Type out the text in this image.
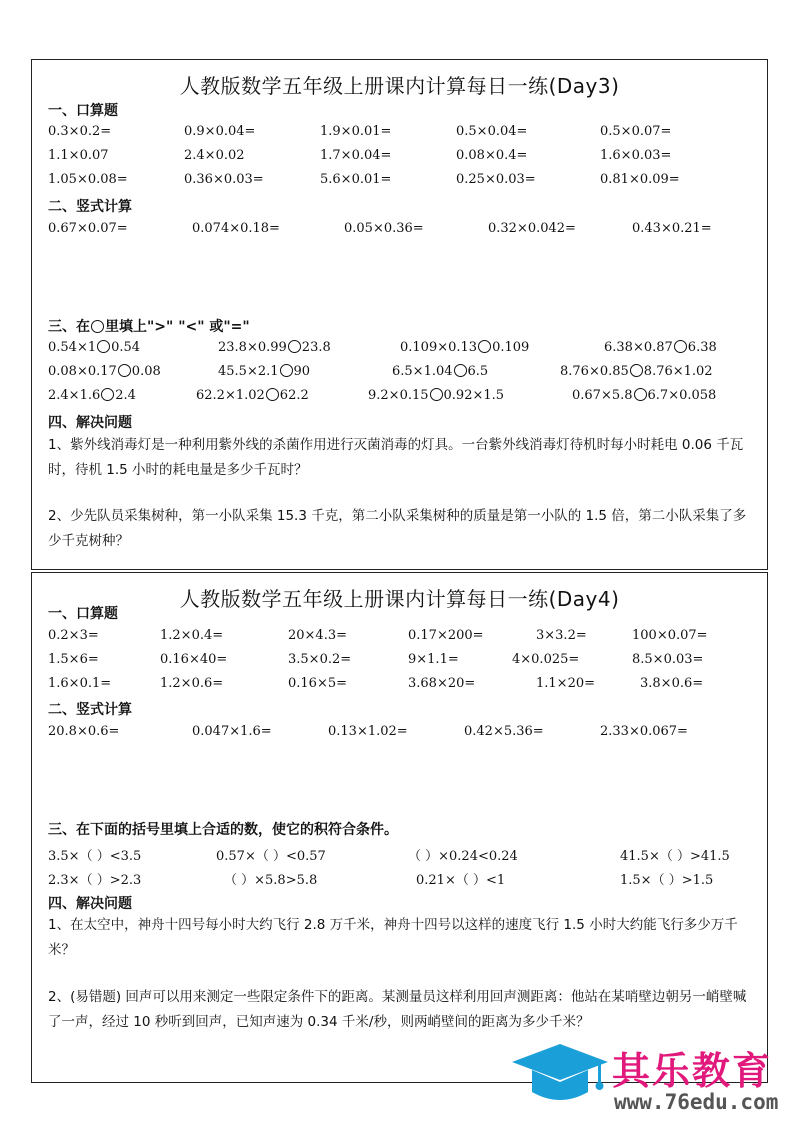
人教版数学五年级上册课内计算每日一练(Day3)
一、口算题
0.3×0.2=	0.9×0.04=	1.9×0.01=	0.5×0.04=	0.5×0.07=
1.1×0.07	2.4×0.02	1.7×0.04=	0.08×0.4=	1.6×0.03=
1.05×0.08=	0.36×0.03=	5.6×0.01=	0.25×0.03=	0.81×0.09=
二、竖式计算
0.67×0.07=	0.074×0.18=	0.05×0.36=	0.32×0.042=	0.43×0.21=
三、在 里填上">" "<" 或"="
0.54×1 0.54	23.8×0.99 23.8	0.109×0.13 0.109	6.38×0.87 6.38
0.08×0.17 0.08	45.5×2.1 90	6.5×1.04 6.5	8.76×0.85 8.76×1.02
2.4×1.6 2.4	62.2×1.02 62.2	9.2×0.15 0.92×1.5	0.67×5.8 6.7×0.058
四、解决问题
1、紫外线消毒灯是一种利用紫外线的杀菌作用进行灭菌消毒的灯具。一台紫外线消毒灯待机时每小时耗电 0.06 千瓦时，待机 1.5 小时的耗电量是多少千瓦时？
2、少先队员采集树种，第一小队采集 15.3 千克，第二小队采集树种的质量是第一小队的 1.5 倍，第二小队采集了多少千克树种？
人教版数学五年级上册课内计算每日一练(Day4)
一、口算题
0.2×3=	1.2×0.4=	20×4.3=	0.17×200=	3×3.2=	100×0.07=
1.5×6=	0.16×40=	3.5×0.2=	9×1.1=	4×0.025=	8.5×0.03=
1.6×0.1=	1.2×0.6=	0.16×5=	3.68×20=	1.1×20=	3.8×0.6=
二、竖式计算
20.8×0.6=	0.047×1.6=	0.13×1.02=	0.42×5.36=	2.33×0.067=
三、在下面的括号里填上合适的数，使它的积符合条件。
3.5×（ ）<3.5	0.57×（ ）<0.57	（ ）×0.24<0.24	41.5×（ ）>41.5
2.3×（ ）>2.3	（ ）×5.8>5.8	0.21×（ ）<1	1.5×（ ）>1.5
四、解决问题
1、在太空中，神舟十四号每小时大约飞行 2.8 万千米，神舟十四号以这样的速度飞行 1.5 小时大约能飞行多少万千米？
2、(易错题) 回声可以用来测定一些限定条件下的距离。某测量员这样利用回声测距离：他站在某哨壁边朝另一峭壁喊了一声，经过 10 秒听到回声，已知声速为 0.34 千米/秒，则两峭壁间的距离为多少千米？
其乐教育
www.76edu.com
